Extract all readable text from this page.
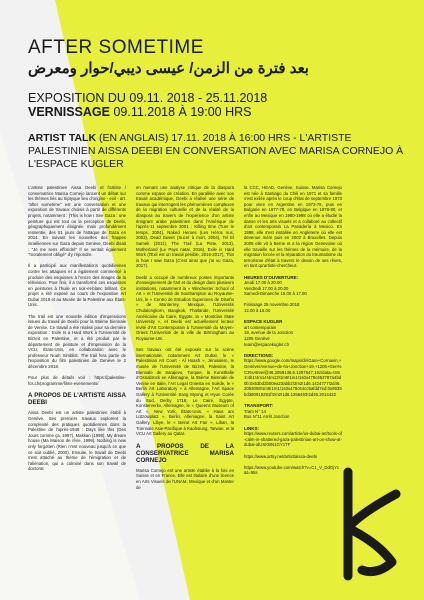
AFTER SOMETIME
بعد فترة من الزمن/ عيسى ديبي/حوار ومعرض
EXPOSITION DU 09.11. 2018 - 25.11.2018
VERNISSAGE 09.11.2018 À 19:00 HRS
ARTIST TALK (EN ANGLAIS) 17.11. 2018 À 16:00 HRS - L'ARTISTE PALESTINIEN AISSA DEEBI EN CONVERSATION AVEC MARISA CORNEJO À L'ESPACE KUGLER

L'artiste palestinien Aissa Deebi et l'artiste / conservatrice Marisa Cornejo lancent un débat sur les thèmes liés au triptyque lieu d'origine - exil - art. "after sometime" est une conversation et une exposition de travaux choisis à partir de différents projets, notamment : (This is how I See Gaza : une peinture qui est tout ou la perception de Deebi, géographiquement éloignée mais profondément ressentie, des 51 jours de l'attaque de Gaza en 2014. En suivant les nouvelles des frappes israéliennes sur Gaza depuis Genève, Deebi disait : "Je me sens effondré" Il se sentait également "moralement obligé" d'y répondre.

Il a participé aux manifestations quotidiennes contre les attaques et a également commencé à produire des esquisses à l'encre des images de la télévision. Pour finir, il a transformé ces esquisses en peintures à l'huile en noir-et-blanc brillant. Ce projet a été exposé au cours de l'exposition Art Dubai 2018 et au Musée de la Palestine aux États-Unis.

The trail est une nouvelle édition d'impressions issues du travail de Deebi pour la 55ème biennale de Venise. Ce travail a été réalisé pour sa dernière exposition : Exile Is a Hard Work à l'Université de Birzeit en Palestine, et a été produit par le département de peinture et d'impression de la VCU, États-Unis, en collaboration avec le professeur Noah Simblist. The trail fera partie de l'exposition du film palestinien de Genève le 2 décembre 2018.

Pour plus de détails voir : https://palestine-fcs.ch/programme/films-evenements/

A PROPOS DE L'ARTISTE AISSA DEEBI

Aissa Deebi est un artiste palestinien établi à Genève. Ses premiers travaux explorent la complexité des pratiques quotidiennes dans la Palestine de l'après-1948 : Days like this (Des Jours comme ça, 1997), Makkan (1998), My dream house (Ma Maison de rêve, 1999), Nothing is new only forgotten (Rien n'est nouveau jusqu'à ce que ce soit oublié, 2000). Ensuite, le travail de Deebi s'est attaché au thème de l'émigration et de l'aliénation, qui a culminé dans son travail de doctorat

en menant une analyse critique de la diaspora comme espace de création. En parallèle avec son travail académique, Deebi a réalisé une série de travaux qui interrogent les phénomènes complexes de la migration culturelle et de la réalité de la diaspora au travers de l'expérience d'un artiste émigrant arabe palestinien dans l'Amérique de l'après-11 septembre 2001 : Killing time (Tuer le temps, 2004), Naked Heroes (Les Héros nus, 2003), Dead Sweet (Sucré à mort, 2004), Tel El Samek (2011), The Trail (La Piste, 2013), Motherland (Le Pays natal, 2016), Exile is Hard Work (l'Exil est un travail pénible, 2016-2017), This is how I saw Gaza (C'est ainsi que j'ai vu Gaza, 2017).

Deebi a occupé de nombreux postes importants d'enseignement de l'art et du design dans plusieurs institutions, notamment la « Winchester School of Art » et l'Université de Southampton au Royaume-Uni, le « Centro de Estudios Superiores de Diseño » de Monterrey, Mexique, l'Université Chulalongkorn, Bangkok, Thaïlande, l'Université Américaine du Caire, Égypte, la « Montclair State University », et Deebi est actuellement lecteur invité d'Art Contemporain à l'Université du Moyen-Orient l'Université de la ville de Birmingham au Royaume-Uni.

Ses travaux ont été exposés sur la scène internationale, notamment Art Dubaï, le « Palestinian Art Court - Al Hoash », Jérusalem, le musée de l'Université de Birzeit, Palestine, la Biennale de Sarajevo, Turquie, la Kunsthalle d'Osnabrück en Allemagne, la 55ème Biennale de Venise en Italie, l'Art Legal Gniesta en Suède, le « Berlin Art Laboratory » à Allemagne, l'Art Space Gallery à l'Université Sang Myung et Hyun Corée du Sud, Derby 1718, Le Caire, Égypte, Konsterverkv, Allemagne, le « Queens Museum of Art », New York, États-Unis, « Haus am Lützowplatz », Berlin, Allemagne, la Saint Art Gallery, Libye, le « Beirut Art Fair », Liban, la Triennale Asie-Pacifique à Kaohsiung, Taïwan, et la VCU Art Gallery au Qatar.

A PROPOS DE LA CONSERVATRICE MARISA CORNEJO

Marisa Cornejo est une artiste établie à la fois en Suisse et en France. Elle est titulaire d'une licence en Arts Visuels de l'UNAM, Mexique et d'un Master de

la CCC, HEAD, Genève, Suisse. Marisa Cornejo est née à Santiago du Chili en 1971 et sa famille s'est exilée après le coup d'état de septembre 1973 pour vivre en Argentine en 1973-76, puis en Bulgarie en 1977-78, en Belgique en 1978-80, et enfin au Mexique en 1980-1998 où elle a étudié la danse et les arts visuels et a collaboré au collectif d'art contemporain La Panadería à Mexico. En 1998, elle s'est installée en Angleterre où elle est devenue mère puis en 2002 à Bruxelles. Depuis 2005 elle vit à Berne et a la région Genevoise où elle travaille sur les thèmes de la mémoire, de la migration forcée et la réparation du traumatisme du terrorisme d'état à travers le dessin de ses rêves, en tant qu'artiste-chercheur.

HEURES D'OUVERTURE:

Jeudi 17.00 à 20.00
Vendredi 17.00 à 20.00
Samedi-Dimanche 15.00 à 17.00

Finissage 25 novembre.2018
12.00 à 16.00

ESPACE KUGLER

art contemporain
19, avenue de la Jonction
1205 Genève
team@espacekugler.ch

DIRECTIONS:

https://www.google.com/maps/dir/Gare+Cornavin,+Genève/Avenue+de+la+Jonction+19,+1205+Gen%C3%A8ve/@46.2059136,6.1257647,15z/data=!3m1!4b1!4m14!4m13!1m5!1m1!1s0x478c652787a4bd0b:0x53bd2b00ea23abb2!2m2!1d6.1424777!2d46.2093058!1m5!1m1!1s0x478c64cc5afdd7ed:0x9935bd380919291f!2m2!1d6.1256493!2d46.2014422

TRANSPORT:

Tram N° 14
Bus N°11 Arrêt Jonction

LINKS:

https://www.reuters.com/article/us-dubai-art/tools-of-calm-in-shattered-gaza-palestinian-art-on-show-at-dubai-idUSKBN1GY1TF

https://www.artsy.net/artist/aissa-deebi

https://www.youtube.com/watch?v=C1_V_DdGjYc&t=95s
